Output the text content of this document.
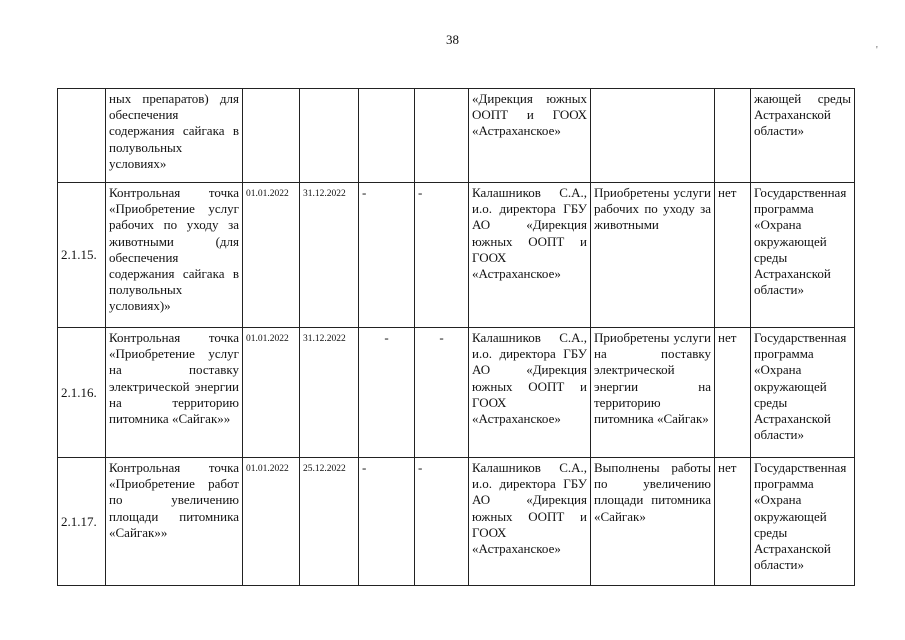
38
'
	ных препаратов) для обеспечения содержания сайгака в полувольных условиях»					«Дирекция южных ООПТ и ГООХ «Астраханское»			жающей среды Астраханской области»
2.1.15.	Контрольная точка «Приобретение услуг рабочих по уходу за животными (для обеспечения содержания сайгака в полувольных условиях)»	01.01.2022	31.12.2022	-	-	Калашников С.А., и.о. директора ГБУ АО «Дирекция южных ООПТ и ГООХ «Астраханское»	Приобретены услуги рабочих по уходу за животными	нет	Государственная программа «Охрана окружающей среды Астраханской области»
2.1.16.	Контрольная точка «Приобретение услуг на поставку электрической энергии на территорию питомника «Сайгак»»	01.01.2022	31.12.2022	-	-	Калашников С.А., и.о. директора ГБУ АО «Дирекция южных ООПТ и ГООХ «Астраханское»	Приобретены услуги на поставку электрической энергии на территорию питомника «Сайгак»	нет	Государственная программа «Охрана окружающей среды Астраханской области»
2.1.17.	Контрольная точка «Приобретение работ по увеличению площади питомника «Сайгак»»	01.01.2022	25.12.2022	-	-	Калашников С.А., и.о. директора ГБУ АО «Дирекция южных ООПТ и ГООХ «Астраханское»	Выполнены работы по увеличению площади питомника «Сайгак»	нет	Государственная программа «Охрана окружающей среды Астраханской области»
